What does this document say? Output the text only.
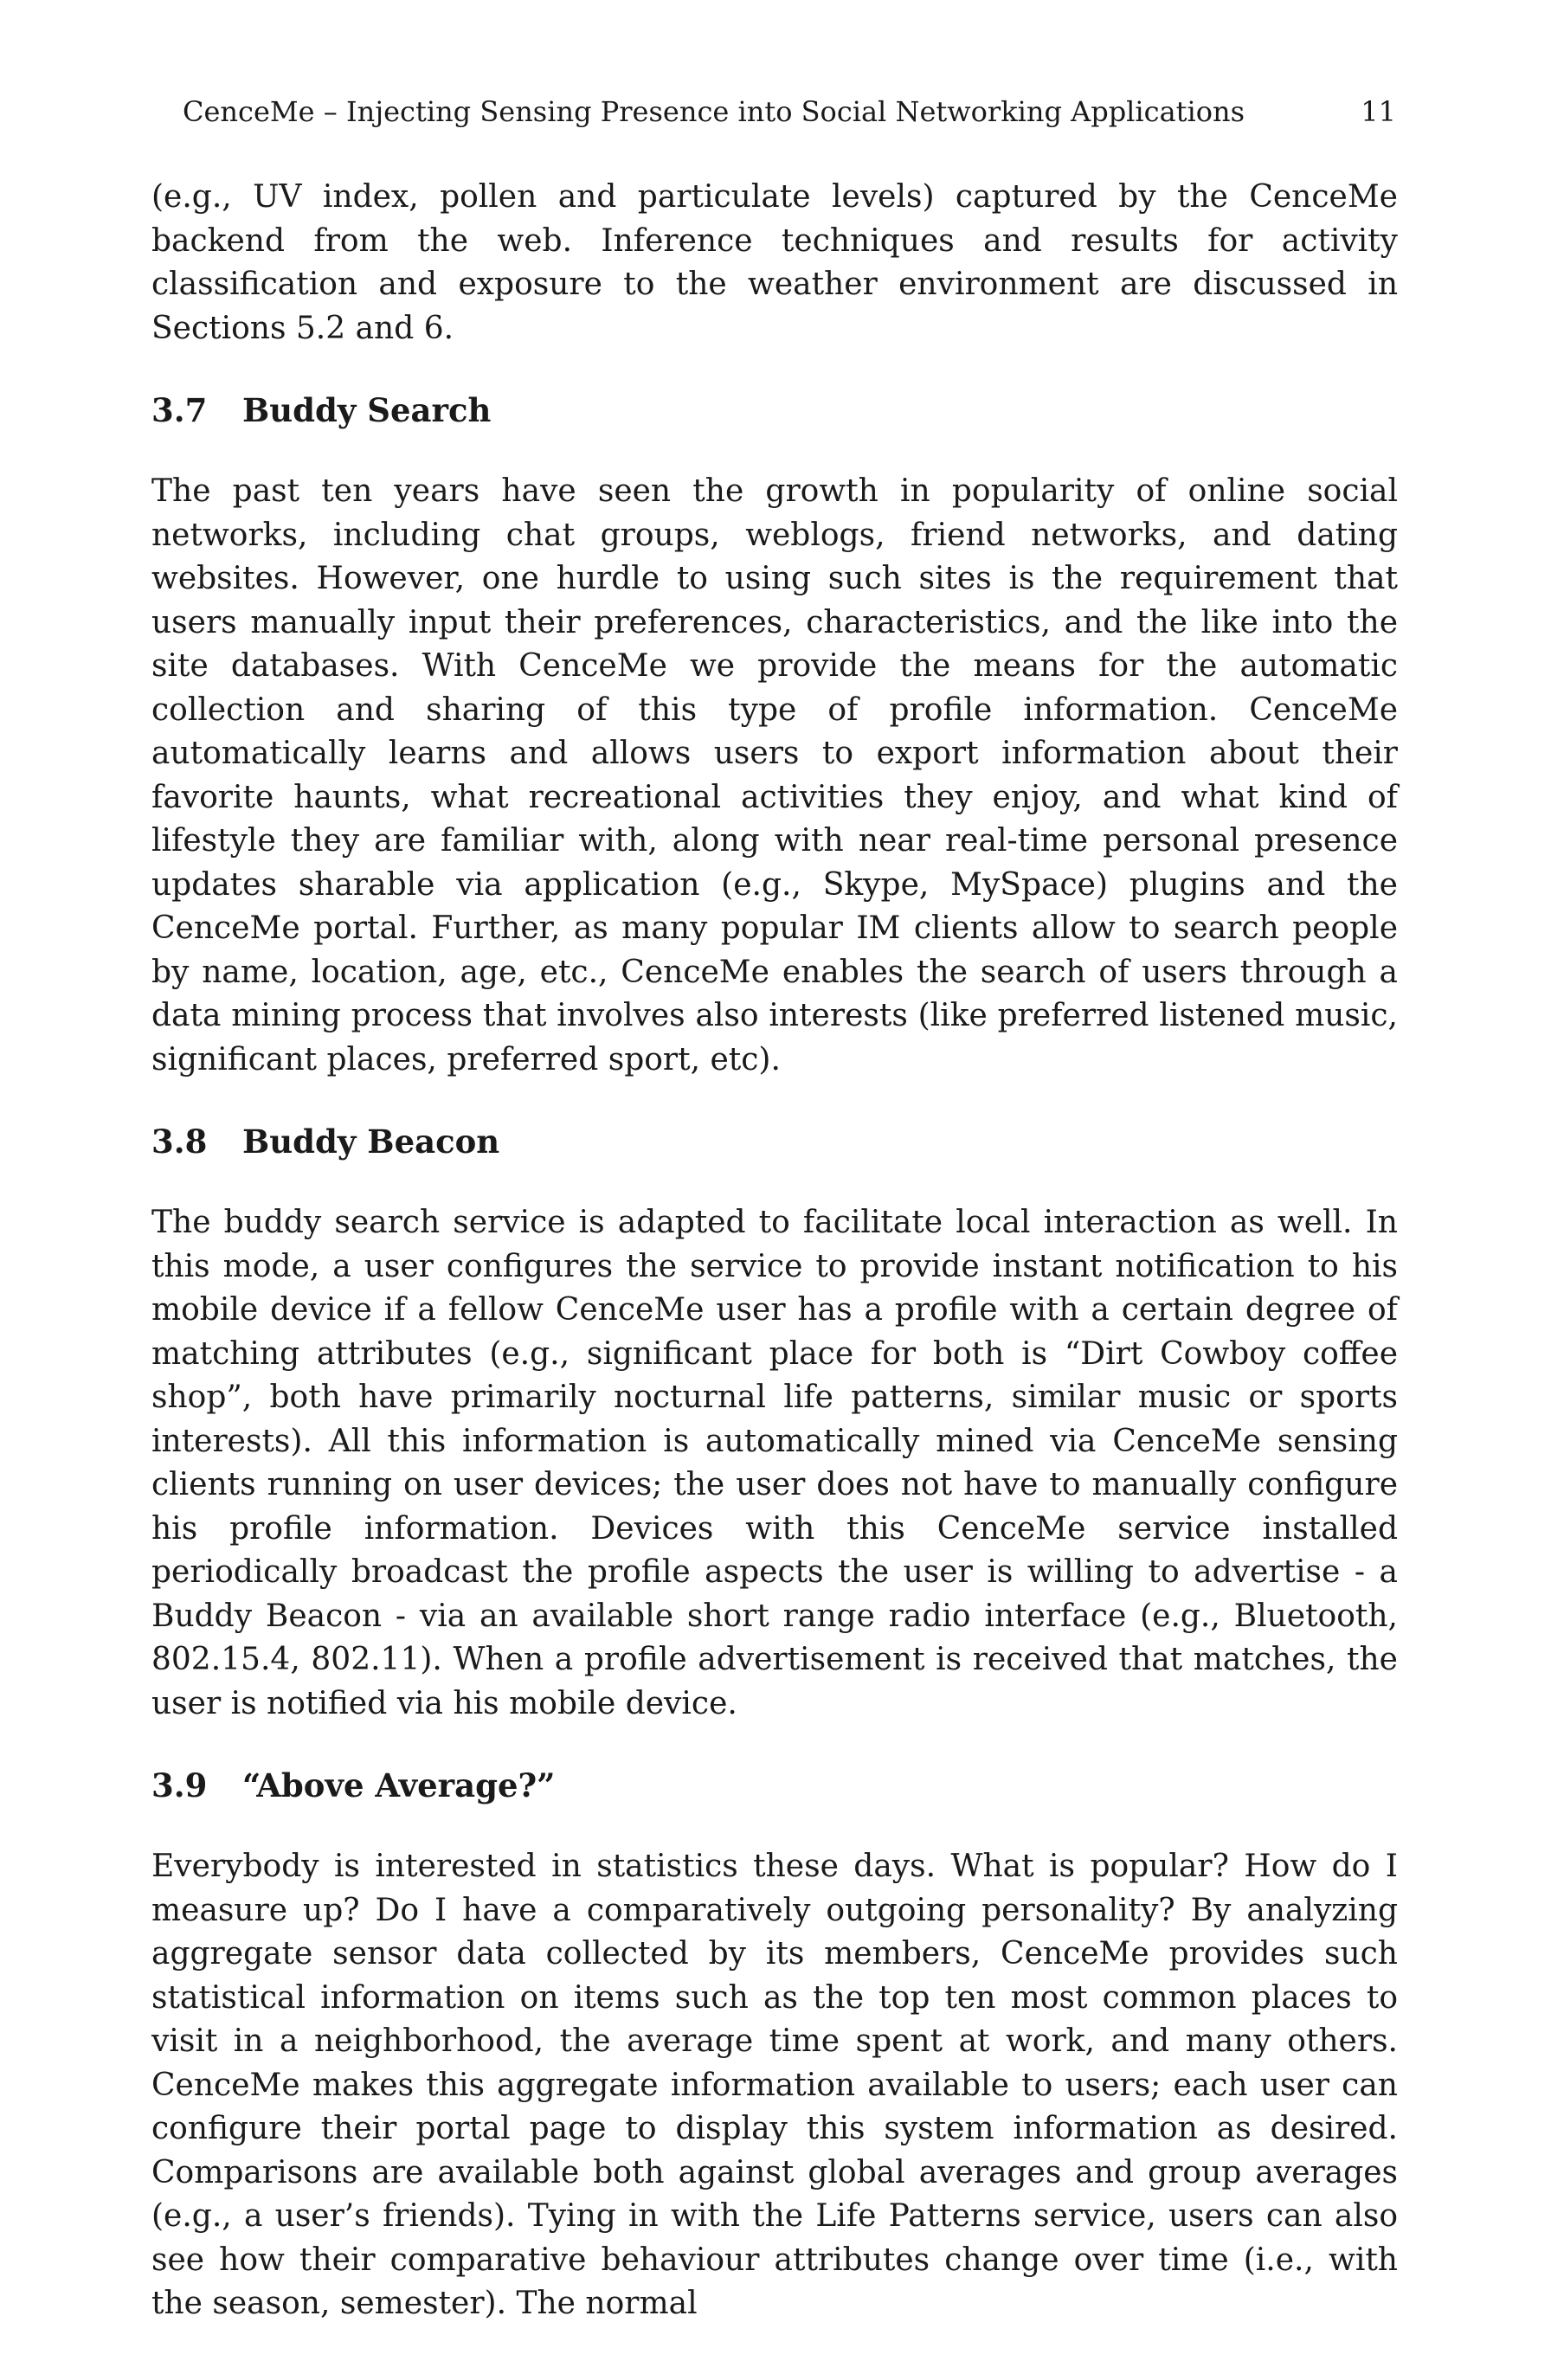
CenceMe – Injecting Sensing Presence into Social Networking Applications	11

(e.g., UV index, pollen and particulate levels) captured by the CenceMe backend from the web. Inference techniques and results for activity classification and exposure to the weather environment are discussed in Sections 5.2 and 6.

3.7 Buddy Search

The past ten years have seen the growth in popularity of online social networks, including chat groups, weblogs, friend networks, and dating websites. However, one hurdle to using such sites is the requirement that users manually input their preferences, characteristics, and the like into the site databases. With CenceMe we provide the means for the automatic collection and sharing of this type of profile information. CenceMe automatically learns and allows users to export information about their favorite haunts, what recreational activities they enjoy, and what kind of lifestyle they are familiar with, along with near real-time personal presence updates sharable via application (e.g., Skype, MySpace) plugins and the CenceMe portal. Further, as many popular IM clients allow to search people by name, location, age, etc., CenceMe enables the search of users through a data mining process that involves also interests (like preferred listened music, significant places, preferred sport, etc).

3.8 Buddy Beacon

The buddy search service is adapted to facilitate local interaction as well. In this mode, a user configures the service to provide instant notification to his mobile device if a fellow CenceMe user has a profile with a certain degree of matching attributes (e.g., significant place for both is “Dirt Cowboy coffee shop”, both have primarily nocturnal life patterns, similar music or sports interests). All this information is automatically mined via CenceMe sensing clients running on user devices; the user does not have to manually configure his profile information. Devices with this CenceMe service installed periodically broadcast the profile aspects the user is willing to advertise - a Buddy Beacon - via an available short range radio interface (e.g., Bluetooth, 802.15.4, 802.11). When a profile advertisement is received that matches, the user is notified via his mobile device.

3.9 “Above Average?”

Everybody is interested in statistics these days. What is popular? How do I measure up? Do I have a comparatively outgoing personality? By analyzing aggregate sensor data collected by its members, CenceMe provides such statistical information on items such as the top ten most common places to visit in a neighborhood, the average time spent at work, and many others. CenceMe makes this aggregate information available to users; each user can configure their portal page to display this system information as desired. Comparisons are available both against global averages and group averages (e.g., a user’s friends). Tying in with the Life Patterns service, users can also see how their comparative behaviour attributes change over time (i.e., with the season, semester). The normal
